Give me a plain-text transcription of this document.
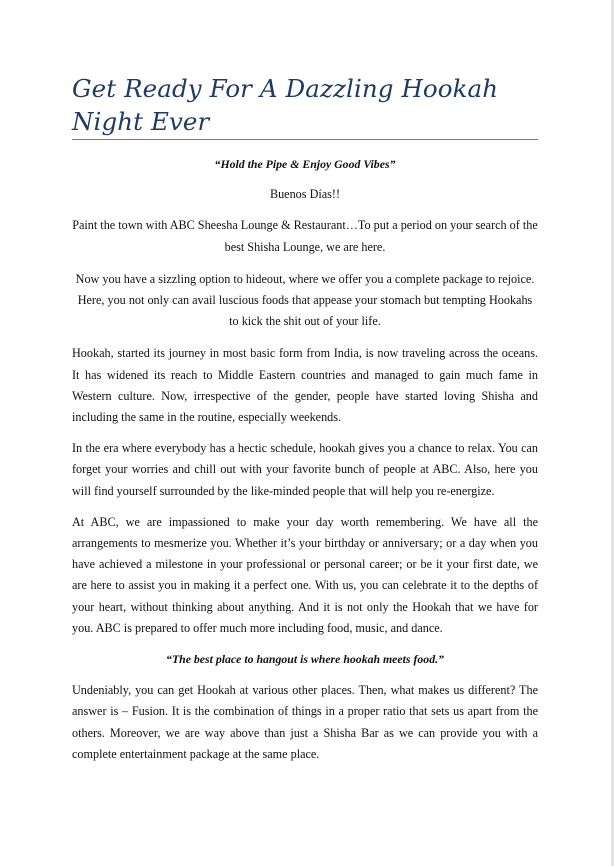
Get Ready For A Dazzling Hookah Night Ever

“Hold the Pipe & Enjoy Good Vibes”

Buenos Días!!

Paint the town with ABC Sheesha Lounge & Restaurant…To put a period on your search of the best Shisha Lounge, we are here.

Now you have a sizzling option to hideout, where we offer you a complete package to rejoice. Here, you not only can avail luscious foods that appease your stomach but tempting Hookahs to kick the shit out of your life.

Hookah, started its journey in most basic form from India, is now traveling across the oceans. It has widened its reach to Middle Eastern countries and managed to gain much fame in Western culture. Now, irrespective of the gender, people have started loving Shisha and including the same in the routine, especially weekends.

In the era where everybody has a hectic schedule, hookah gives you a chance to relax. You can forget your worries and chill out with your favorite bunch of people at ABC. Also, here you will find yourself surrounded by the like-minded people that will help you re-energize.

At ABC, we are impassioned to make your day worth remembering. We have all the arrangements to mesmerize you. Whether it’s your birthday or anniversary; or a day when you have achieved a milestone in your professional or personal career; or be it your first date, we are here to assist you in making it a perfect one. With us, you can celebrate it to the depths of your heart, without thinking about anything. And it is not only the Hookah that we have for you. ABC is prepared to offer much more including food, music, and dance.

“The best place to hangout is where hookah meets food.”

Undeniably, you can get Hookah at various other places. Then, what makes us different? The answer is – Fusion. It is the combination of things in a proper ratio that sets us apart from the others. Moreover, we are way above than just a Shisha Bar as we can provide you with a complete entertainment package at the same place.
